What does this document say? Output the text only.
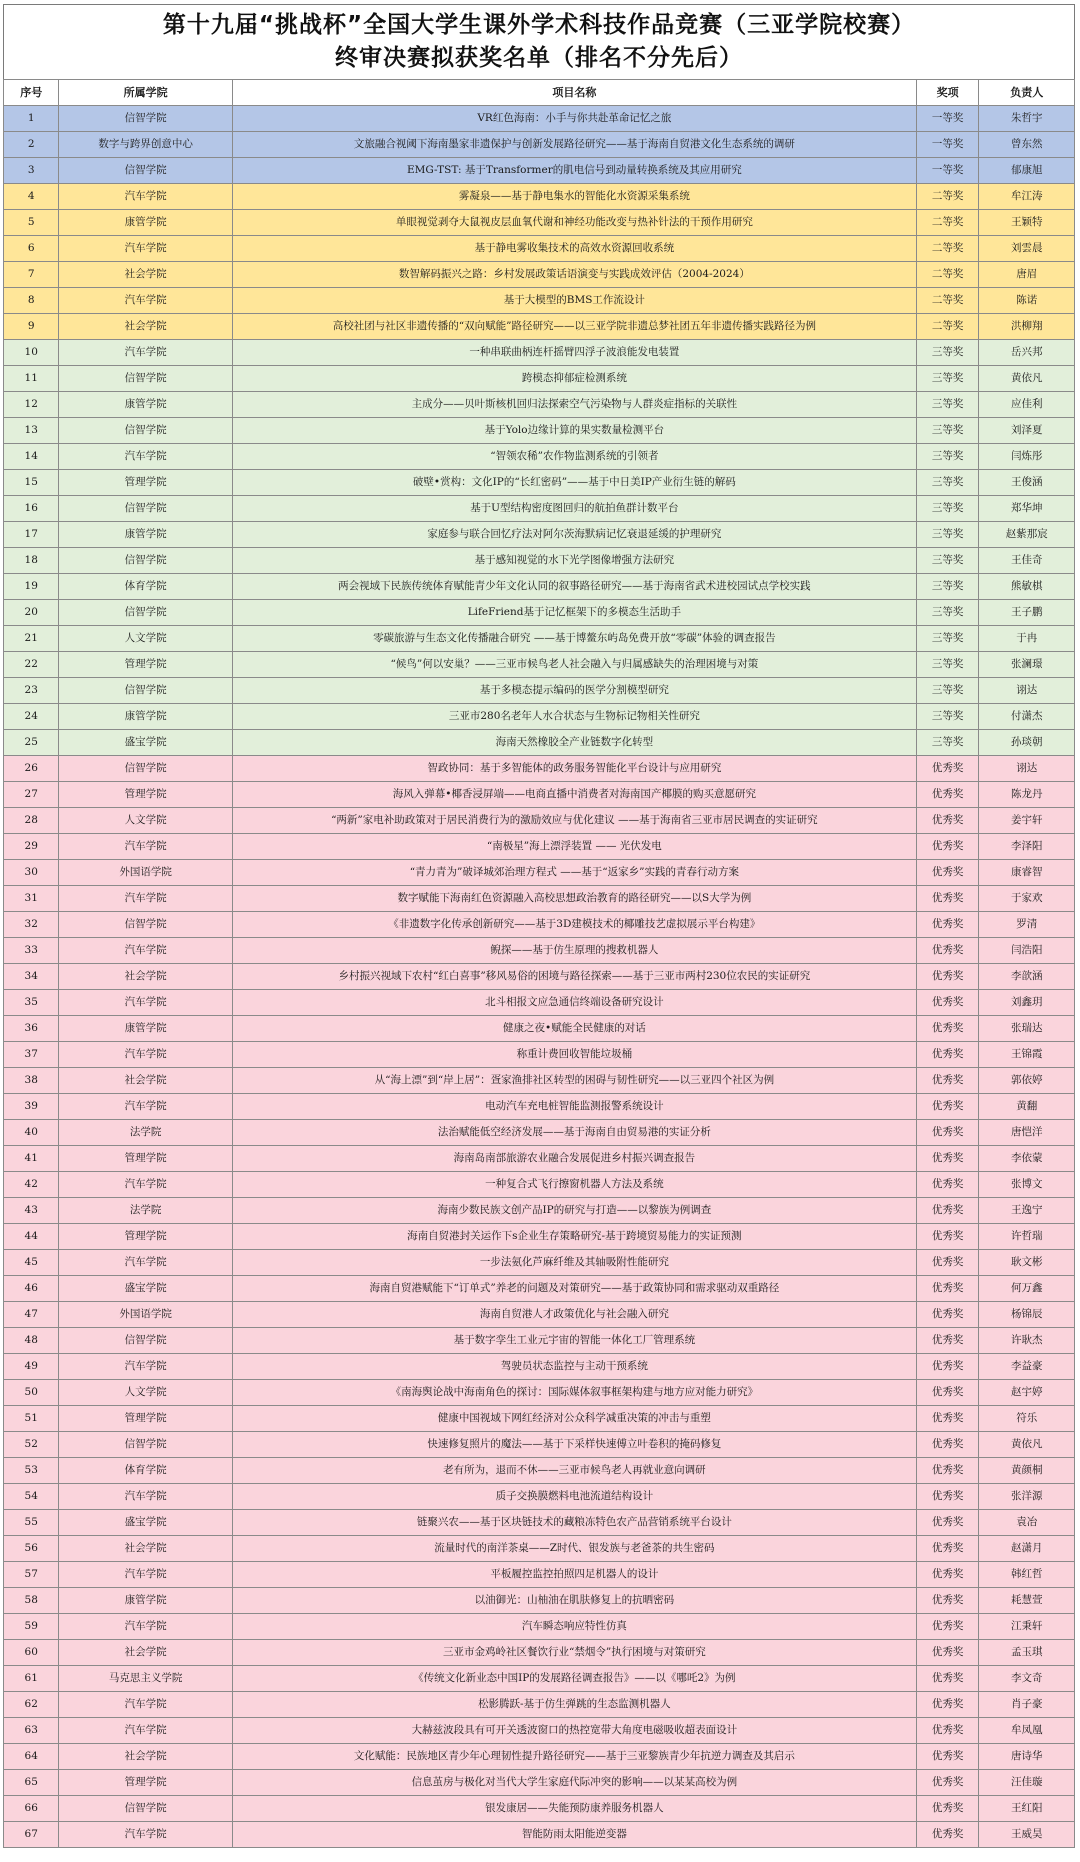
第十九届“挑战杯”全国大学生课外学术科技作品竞赛（三亚学院校赛）
终审决赛拟获奖名单（排名不分先后）
序号	所属学院	项目名称	奖项	负责人
1	信智学院	VR红色海南：小手与你共赴革命记忆之旅	一等奖	朱哲宇
2	数字与跨界创意中心	文旅融合视阈下海南墨家非遗保护与创新发展路径研究——基于海南自贸港文化生态系统的调研	一等奖	曾东然
3	信智学院	EMG-TST: 基于Transformer的肌电信号到动量转换系统及其应用研究	一等奖	郁康旭
4	汽车学院	雾凝泉——基于静电集水的智能化水资源采集系统	二等奖	牟江涛
5	康管学院	单眼视觉剥夺大鼠视皮层血氧代谢和神经功能改变与热补针法的干预作用研究	二等奖	王颖特
6	汽车学院	基于静电雾收集技术的高效水资源回收系统	二等奖	刘雲晨
7	社会学院	数智解码振兴之路：乡村发展政策话语演变与实践成效评估（2004-2024）	二等奖	唐眉
8	汽车学院	基于大模型的BMS工作流设计	二等奖	陈诺
9	社会学院	高校社团与社区非遗传播的“双向赋能”路径研究——以三亚学院非遗总梦社团五年非遗传播实践路径为例	二等奖	洪柳翔
10	汽车学院	一种串联曲柄连杆摇臂四浮子波浪能发电装置	三等奖	岳兴邦
11	信智学院	跨模态抑郁症检测系统	三等奖	黄依凡
12	康管学院	主成分——贝叶斯核机回归法探索空气污染物与人群炎症指标的关联性	三等奖	应佳利
13	信智学院	基于Yolo边缘计算的果实数量检测平台	三等奖	刘泽夏
14	汽车学院	“智领农稀”农作物监测系统的引领者	三等奖	闫炼彤
15	管理学院	破壁•赏构：文化IP的“长红密码”——基于中日美IP产业衍生链的解码	三等奖	王俊涵
16	信智学院	基于U型结构密度图回归的航拍鱼群计数平台	三等奖	郑华坤
17	康管学院	家庭参与联合回忆疗法对阿尔茨海默病记忆衰退延缓的护理研究	三等奖	赵紫那宸
18	信智学院	基于感知视觉的水下光学图像增强方法研究	三等奖	王佳奇
19	体育学院	两会视域下民族传统体育赋能青少年文化认同的叙事路径研究——基于海南省武术进校园试点学校实践	三等奖	熊敏棋
20	信智学院	LifeFriend基于记忆框架下的多模态生活助手	三等奖	王子鹏
21	人文学院	零碳旅游与生态文化传播融合研究 ——基于博鳌东屿岛免费开放“零碳”体验的调查报告	三等奖	于冉
22	管理学院	“候鸟”何以安巢？——三亚市候鸟老人社会融入与归属感缺失的治理困境与对策	三等奖	张澜璟
23	信智学院	基于多模态提示编码的医学分割模型研究	三等奖	诩达
24	康管学院	三亚市280名老年人水合状态与生物标记物相关性研究	三等奖	付潇杰
25	盛宝学院	海南天然橡胶全产业链数字化转型	三等奖	孙琰朝
26	信智学院	智政协同：基于多智能体的政务服务智能化平台设计与应用研究	优秀奖	诩达
27	管理学院	海风入弹幕•椰香浸屏端——电商直播中消费者对海南国产椰膜的购买意愿研究	优秀奖	陈龙丹
28	人文学院	“两新”家电补助政策对于居民消费行为的激励效应与优化建议 ——基于海南省三亚市居民调查的实证研究	优秀奖	姜宇轩
29	汽车学院	“南极星”海上漂浮装置 —— 光伏发电	优秀奖	李泽阳
30	外国语学院	“青力青为”破译城郊治理方程式 ——基于“返家乡”实践的青春行动方案	优秀奖	康睿智
31	汽车学院	数字赋能下海南红色资源融入高校思想政治教育的路径研究——以S大学为例	优秀奖	于家欢
32	信智学院	《非遗数字化传承创新研究——基于3D建模技术的椰雕技艺虚拟展示平台构建》	优秀奖	罗清
33	汽车学院	鲵探——基于仿生原理的搜救机器人	优秀奖	闫浩阳
34	社会学院	乡村振兴视域下农村“红白喜事”移风易俗的困境与路径探索——基于三亚市两村230位农民的实证研究	优秀奖	李歆涵
35	汽车学院	北斗相报文应急通信终端设备研究设计	优秀奖	刘鑫玥
36	康管学院	健康之夜•赋能全民健康的对话	优秀奖	张瑞达
37	汽车学院	称重计费回收智能垃圾桶	优秀奖	王锦霞
38	社会学院	从“海上漂”到“岸上居”：疍家渔排社区转型的困碍与韧性研究——以三亚四个社区为例	优秀奖	郭依婷
39	汽车学院	电动汽车充电桩智能监测报警系统设计	优秀奖	黄翻
40	法学院	法治赋能低空经济发展——基于海南自由贸易港的实证分析	优秀奖	唐恺洋
41	管理学院	海南岛南部旅游农业融合发展促进乡村振兴调查报告	优秀奖	李依蒙
42	汽车学院	一种复合式飞行擦窗机器人方法及系统	优秀奖	张博文
43	法学院	海南少数民族文创产品IP的研究与打造——以黎族为例调查	优秀奖	王逸宁
44	管理学院	海南自贸港封关运作下s企业生存策略研究-基于跨境贸易能力的实证预测	优秀奖	许哲瑞
45	汽车学院	一步法氨化芦麻纤维及其轴吸附性能研究	优秀奖	耿文彬
46	盛宝学院	海南自贸港赋能下“订单式”养老的问题及对策研究——基于政策协同和需求驱动双重路径	优秀奖	何万鑫
47	外国语学院	海南自贸港人才政策优化与社会融入研究	优秀奖	杨锦辰
48	信智学院	基于数字孪生工业元宇宙的智能一体化工厂管理系统	优秀奖	许耿杰
49	汽车学院	驾驶员状态监控与主动干预系统	优秀奖	李益豪
50	人文学院	《南海舆论战中海南角色的探讨：国际媒体叙事框架构建与地方应对能力研究》	优秀奖	赵宇婷
51	管理学院	健康中国视域下网红经济对公众科学减重决策的冲击与重塑	优秀奖	符乐
52	信智学院	快速修复照片的魔法——基于下采样快速傅立叶卷积的掩码修复	优秀奖	黄依凡
53	体育学院	老有所为，退而不休——三亚市候鸟老人再就业意向调研	优秀奖	黄颜桐
54	汽车学院	质子交换膜燃料电池流道结构设计	优秀奖	张洋源
55	盛宝学院	链聚兴农——基于区块链技术的藏粮冻特色农产品营销系统平台设计	优秀奖	袁冶
56	社会学院	流量时代的南洋茶桌——Z时代、银发族与老爸茶的共生密码	优秀奖	赵潇月
57	汽车学院	平板履控监控拍照四足机器人的设计	优秀奖	韩红哲
58	康管学院	以油御光：山柚油在肌肤修复上的抗晒密码	优秀奖	耗慧萱
59	汽车学院	汽车瞬态响应特性仿真	优秀奖	江秉轩
60	社会学院	三亚市金鸡岭社区餐饮行业“禁烟令”执行困境与对策研究	优秀奖	孟玉琪
61	马克思主义学院	《传统文化新业态中国IP的发展路径调查报告》——以《哪吒2》为例	优秀奖	李文奇
62	汽车学院	松影腾跃-基于仿生弹跳的生态监测机器人	优秀奖	肖子豪
63	汽车学院	大赫兹波段具有可开关透波窗口的热控宽带大角度电磁吸收超表面设计	优秀奖	牟凤凰
64	社会学院	文化赋能：民族地区青少年心理韧性提升路径研究——基于三亚黎族青少年抗逆力调查及其启示	优秀奖	唐诗华
65	管理学院	信息茧房与极化对当代大学生家庭代际冲突的影响——以某某高校为例	优秀奖	汪佳璇
66	信智学院	银发康居——失能预防康养服务机器人	优秀奖	王红阳
67	汽车学院	智能防雨太阳能逆变器	优秀奖	王威昊
